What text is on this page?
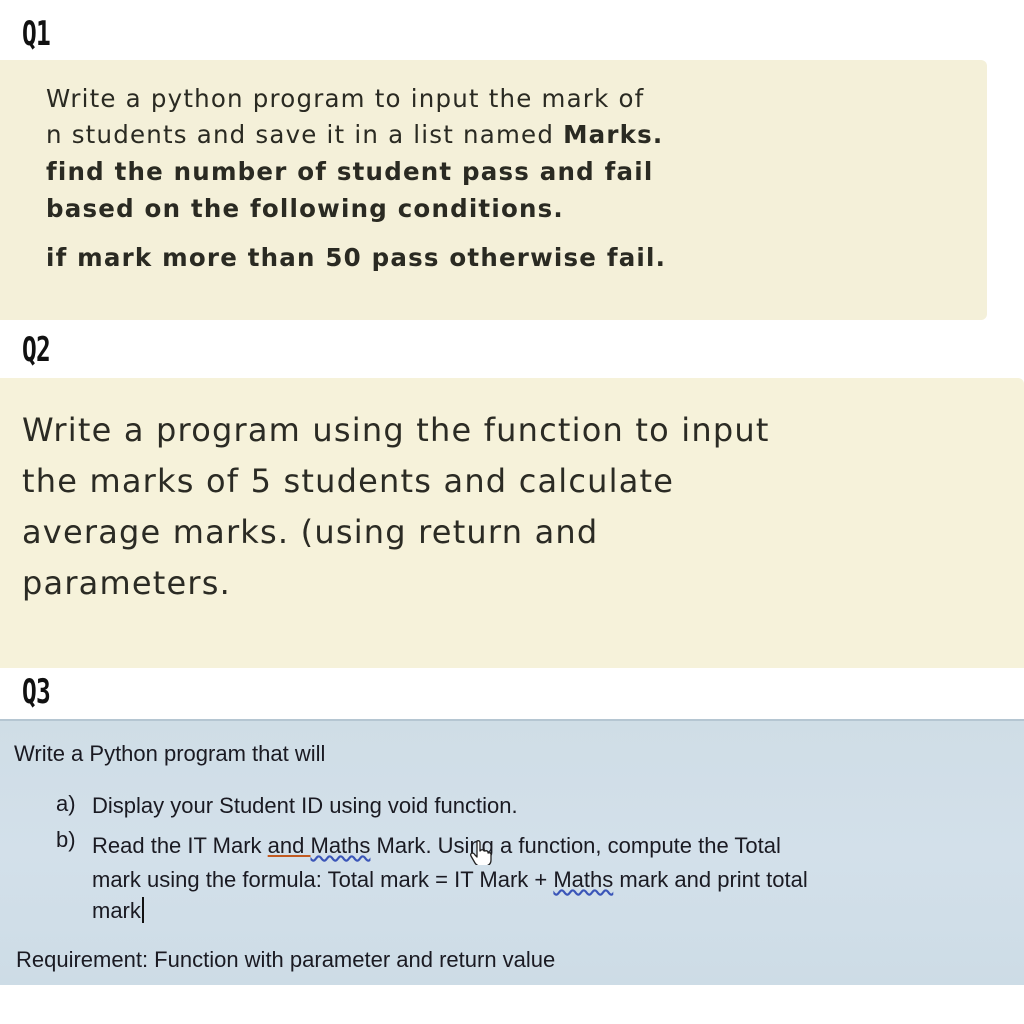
Q1
Write a python program to input the mark of
n students and save it in a list named Marks.
find the number of student pass and fail
based on the following conditions.
if mark more than 50 pass otherwise fail.
Q2
Write a program using the function to input
the marks of 5 students and calculate
average marks. (using return and
parameters.
Q3
Write a Python program that will
a) Display your Student ID using void function.
b) Read the IT Mark and Maths Mark. Using a function, compute the Total
mark using the formula: Total mark = IT Mark + Maths mark and print total
mark
Requirement: Function with parameter and return value
